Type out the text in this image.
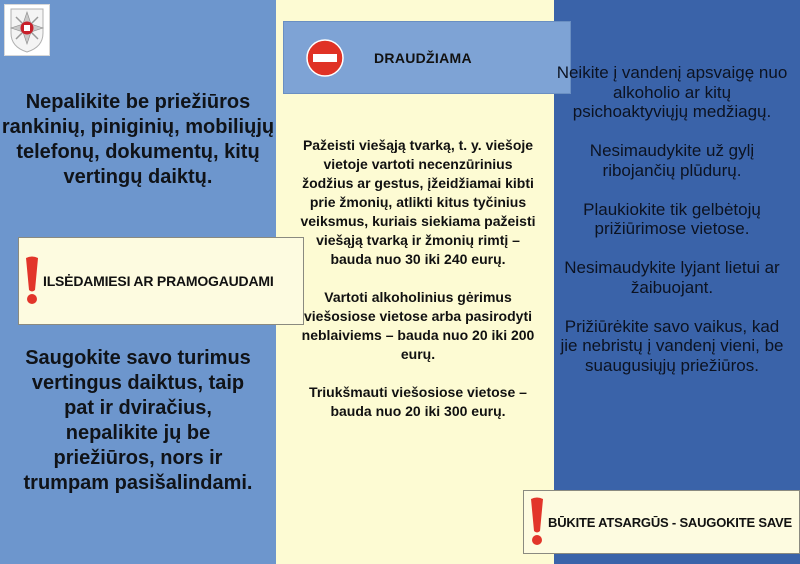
Nepalikite be priežiūros rankinių, piniginių, mobiliųjų telefonų, dokumentų, kitų vertingų daiktų.
ILSĖDAMIESI AR PRAMOGAUDAMI
Saugokite savo turimus vertingus daiktus, taip pat ir dviračius, nepalikite jų be priežiūros, nors ir trumpam pasišalindami.
DRAUDŽIAMA

Pažeisti viešąją tvarką, t. y. viešoje vietoje vartoti necenzūrinius žodžius ar gestus, įžeidžiamai kibti prie žmonių, atlikti kitus tyčinius veiksmus, kuriais siekiama pažeisti viešąją tvarką ir žmonių rimtį – bauda nuo 30 iki 240 eurų.

Vartoti alkoholinius gėrimus viešosiose vietose arba pasirodyti neblaiviems – bauda nuo 20 iki 200 eurų.

Triukšmauti viešosiose vietose – bauda nuo 20 iki 300 eurų.

Neikite į vandenį apsvaigę nuo alkoholio ar kitų psichoaktyviųjų medžiagų.

Nesimaudykite už gylį ribojančių plūdurų.

Plaukiokite tik gelbėtojų prižiūrimose vietose.

Nesimaudykite lyjant lietui ar žaibuojant.

Prižiūrėkite savo vaikus, kad jie nebristų į vandenį vieni, be suaugusiųjų priežiūros.

BŪKITE ATSARGŪS - SAUGOKITE SAVE
